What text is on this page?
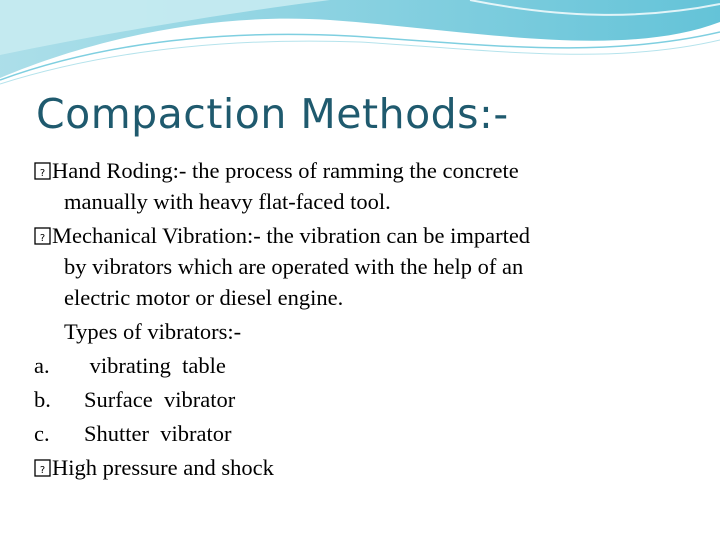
Compaction Methods:-
? Hand Roding:- the process of ramming the concrete
manually with heavy flat-faced tool.
? Mechanical Vibration:- the vibration can be imparted
by vibrators which are operated with the help of an
electric motor or diesel engine.
Types of vibrators:-
a. vibrating  table
b. Surface  vibrator
c. Shutter  vibrator
? High pressure and shock
